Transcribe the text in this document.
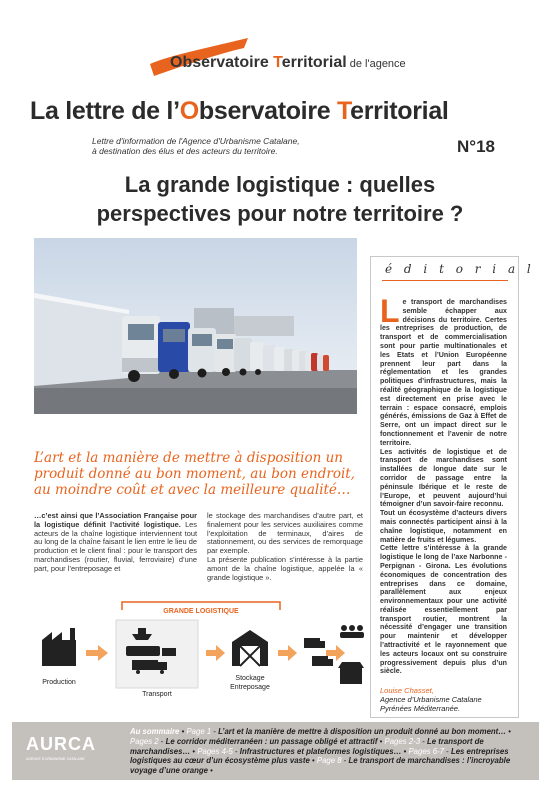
Observatoire Territorial de l'agence
La lettre de l’Observatoire Territorial
Lettre d'information de l'Agence d'Urbanisme Catalane,
à destination des élus et des acteurs du territoire.	N°18
La grande logistique : quelles
perspectives pour notre territoire ?
L’art et la manière de mettre à disposition un produit donné au bon moment, au bon endroit, au moindre coût et avec la meilleure qualité…
…c’est ainsi que l’Association Française pour la logistique définit l’activité logistique. Les acteurs de la chaîne logistique interviennent tout au long de la chaîne faisant le lien entre le lieu de production et le client final : pour le transport des marchandises (routier, fluvial, ferroviaire) d’une part, pour l’entreposage et
le stockage des marchandises d’autre part, et finalement pour les services auxiliaires comme l’exploitation de terminaux, d’aires de stationnement, ou des services de remorquage par exemple.
La présente publication s’intéresse à la partie amont de la chaîne logistique, appelée la « grande logistique ».
GRANDE LOGISTIQUE
Production
Transport
Stockage
Entreposage
é d i t o r i a l
L e transport de marchandises semble échapper aux décisions du territoire. Certes les entreprises de production, de transport et de commercialisation sont pour partie multinationales et les Etats et l’Union Européenne prennent leur part dans la réglementation et les grandes politiques d’infrastructures, mais la réalité géographique de la logistique est directement en prise avec le terrain : espace consacré, emplois générés, émissions de Gaz à Effet de Serre, ont un impact direct sur le fonctionnement et l’avenir de notre territoire.

Les activités de logistique et de transport de marchandises sont installées de longue date sur le corridor de passage entre la péninsule Ibérique et le reste de l’Europe, et peuvent aujourd’hui témoigner d’un savoir-faire reconnu.

Tout un écosystème d’acteurs divers mais connectés participent ainsi à la chaîne logistique, notamment en matière de fruits et légumes.

Cette lettre s’intéresse à la grande logistique le long de l’axe Narbonne - Perpignan - Girona. Les évolutions économiques de concentration des entreprises dans ce domaine, parallèlement aux enjeux environnementaux pour une activité réalisée essentiellement par transport routier, montrent la nécessité d’engager une transition pour maintenir et développer l’attractivité et le rayonnement que les acteurs locaux ont su construire progressivement depuis plus d’un siècle.

Louise Chasset,
Agence d’Urbanisme Catalane
Pyrénées Méditerranée.
AURCA
AGENCE D'URBANISME CATALANE
Au sommaire • Page 1 - L’art et la manière de mettre à disposition un produit donné au bon moment… • Pages 2 - Le corridor méditerranéen : un passage obligé et attractif • Pages 2-3 - Le transport de marchandises… • Pages 4-5 - Infrastructures et plateformes logistiques… • Pages 6-7 - Les entreprises logistiques au cœur d’un écosystème plus vaste • Page 8 - Le transport de marchandises : l’incroyable voyage d’une orange •
